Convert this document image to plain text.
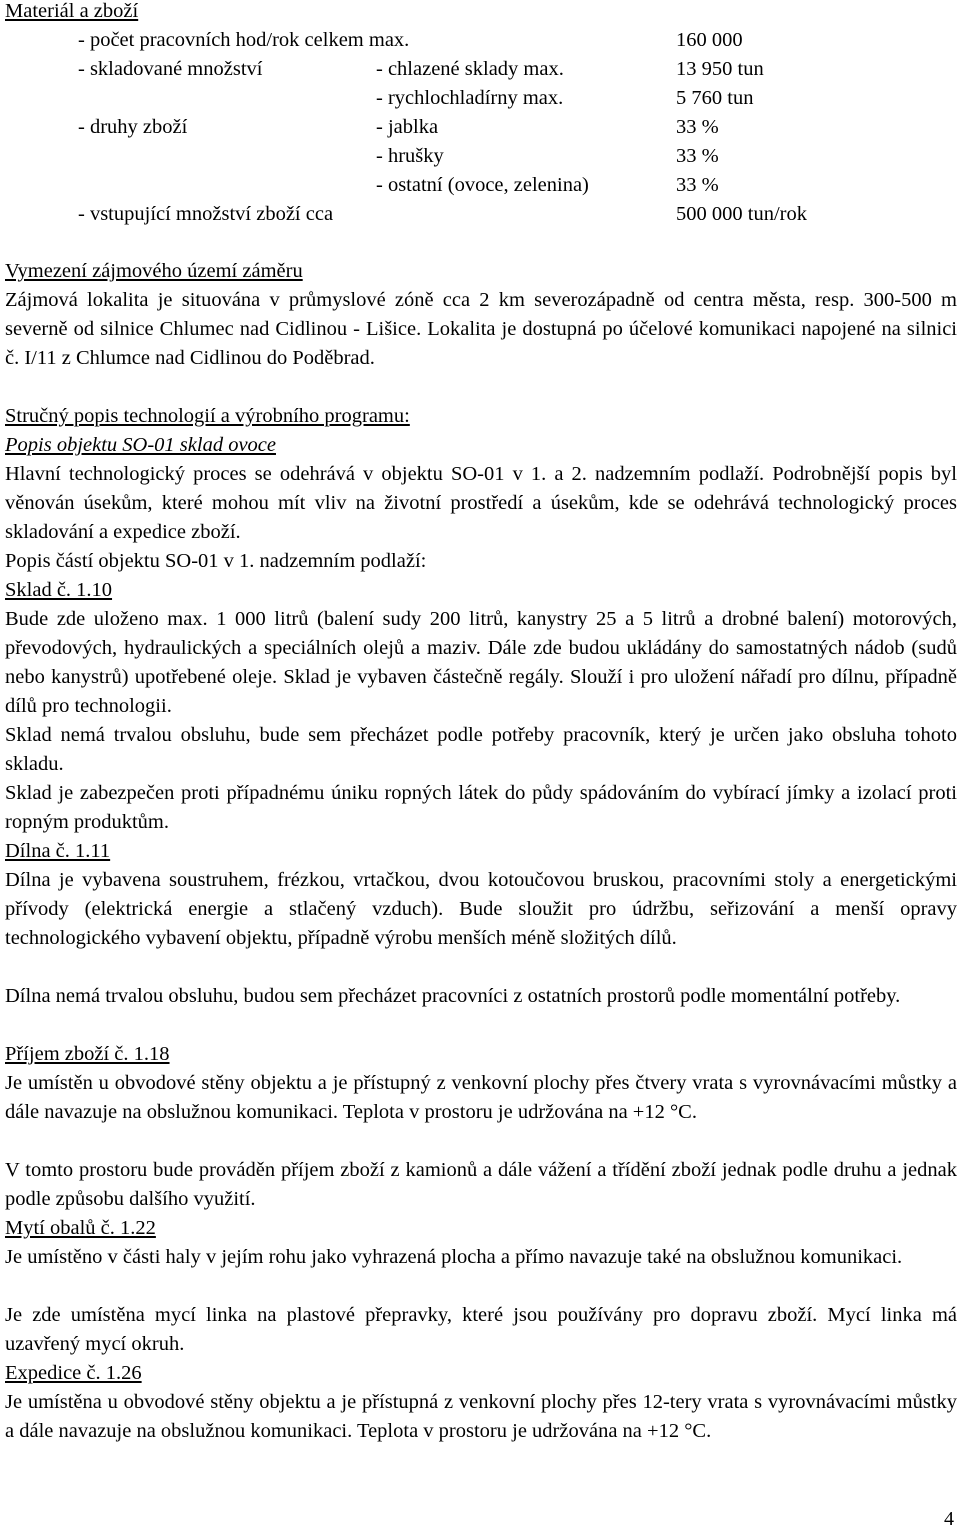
Materiál a zboží
- počet pracovních hod/rok celkem max.	160 000
- skladované množství	- chlazené sklady max.	13 950 tun
- rychlochladírny max.	5 760 tun
- druhy zboží	- jablka	33 %
- hrušky	33 %
- ostatní (ovoce, zelenina)	33 %
- vstupující množství zboží cca	500 000 tun/rok
Vymezení zájmového území záměru
Zájmová lokalita je situována v průmyslové zóně cca 2 km severozápadně od centra města, resp. 300-500 m severně od silnice Chlumec nad Cidlinou - Lišice. Lokalita je dostupná po účelové komunikaci napojené na silnici č. I/11 z Chlumce nad Cidlinou do Poděbrad.
Stručný popis technologií a výrobního programu:
Popis objektu SO-01 sklad ovoce
Hlavní technologický proces se odehrává v objektu SO-01 v 1. a 2. nadzemním podlaží. Podrobnější popis byl věnován úsekům, které mohou mít vliv na životní prostředí a úsekům, kde se odehrává technologický proces skladování a expedice zboží.
Popis částí objektu SO-01 v 1. nadzemním podlaží:
Sklad č. 1.10
Bude zde uloženo max. 1 000 litrů (balení sudy 200 litrů, kanystry 25 a 5 litrů a drobné balení) motorových, převodových, hydraulických a speciálních olejů a maziv. Dále zde budou ukládány do samostatných nádob (sudů nebo kanystrů) upotřebené oleje. Sklad je vybaven částečně regály. Slouží i pro uložení nářadí pro dílnu, případně dílů pro technologii.
Sklad nemá trvalou obsluhu, bude sem přecházet podle potřeby pracovník, který je určen jako obsluha tohoto skladu.
Sklad je zabezpečen proti případnému úniku ropných látek do půdy spádováním do vybírací jímky a izolací proti ropným produktům.
Dílna č. 1.11
Dílna je vybavena soustruhem, frézkou, vrtačkou, dvou kotoučovou bruskou, pracovními stoly a energetickými přívody (elektrická energie a stlačený vzduch). Bude sloužit pro údržbu, seřizování a menší opravy technologického vybavení objektu, případně výrobu menších méně složitých dílů.
Dílna nemá trvalou obsluhu, budou sem přecházet pracovníci z ostatních prostorů podle momentální potřeby.
Příjem zboží č. 1.18
Je umístěn u obvodové stěny objektu a je přístupný z venkovní plochy přes čtvery vrata s vyrovnávacími můstky a dále navazuje na obslužnou komunikaci. Teplota v prostoru je udržována na +12 °C.
V tomto prostoru bude prováděn příjem zboží z kamionů a dále vážení a třídění zboží jednak podle druhu a jednak podle způsobu dalšího využití.
Mytí obalů č. 1.22
Je umístěno v části haly v jejím rohu jako vyhrazená plocha a přímo navazuje také na obslužnou komunikaci.
Je zde umístěna mycí linka na plastové přepravky, které jsou používány pro dopravu zboží. Mycí linka má uzavřený mycí okruh.
Expedice č. 1.26
Je umístěna u obvodové stěny objektu a je přístupná z venkovní plochy přes 12-tery vrata s vyrovnávacími můstky a dále navazuje na obslužnou komunikaci. Teplota v prostoru je udržována na +12 °C.
4
